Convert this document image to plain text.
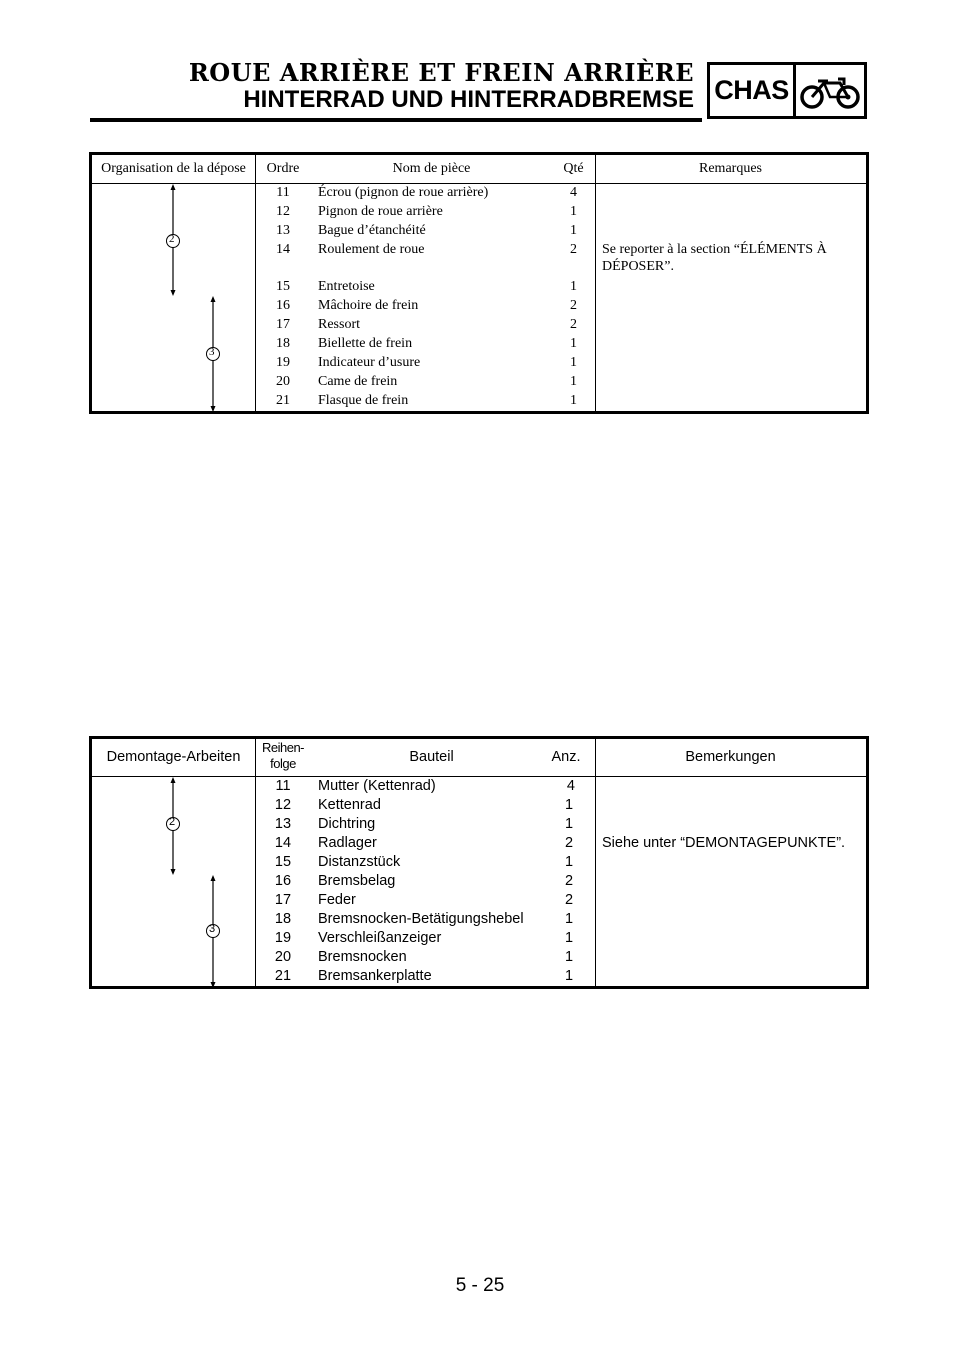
ROUE ARRIÈRE ET FREIN ARRIÈRE
HINTERRAD UND HINTERRADBREMSE CHAS
Organisation de la dépose	Ordre	Nom de pièce	Qté	Remarques
2
3
11	Écrou (pignon de roue arrière)	4
12	Pignon de roue arrière	1
13	Bague d’étanchéité	1
14	Roulement de roue	2	Se reporter à la section “ÉLÉMENTS À
DÉPOSER”.
15	Entretoise	1
16	Mâchoire de frein	2
17	Ressort	2
18	Biellette de frein	1
19	Indicateur d’usure	1
20	Came de frein	1
21	Flasque de frein	1
Demontage-Arbeiten
Reihen-
folge	Bauteil	Anz.	Bemerkungen
2
3
11	Mutter (Kettenrad)	4
12	Kettenrad	1
13	Dichtring	1
14	Radlager	2	Siehe unter “DEMONTAGEPUNKTE”.
15	Distanzstück	1
16	Bremsbelag	2
17	Feder	2
18	Bremsnocken-Betätigungshebel	1
19	Verschleißanzeiger	1
20	Bremsnocken	1
21	Bremsankerplatte	1
5 - 25
